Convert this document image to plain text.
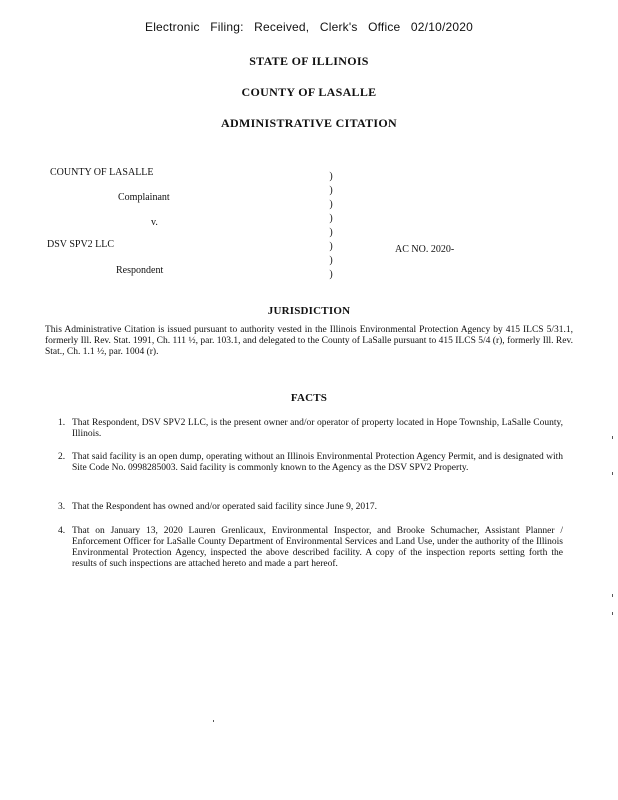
Electronic Filing: Received, Clerk's Office 02/10/2020
STATE OF ILLINOIS
COUNTY OF LASALLE
ADMINISTRATIVE CITATION
COUNTY OF LASALLE
Complainant
v.
DSV SPV2 LLC
Respondent
AC NO. 2020-
)
)
)
)
)
)
)
)
JURISDICTION
This Administrative Citation is issued pursuant to authority vested in the Illinois Environmental Protection Agency by 415 ILCS 5/31.1, formerly Ill. Rev. Stat. 1991, Ch. 111 ½, par. 103.1, and delegated to the County of LaSalle pursuant to 415 ILCS 5/4 (r), formerly Ill. Rev. Stat., Ch. 1.1 ½, par. 1004 (r).
FACTS
1. That Respondent, DSV SPV2 LLC, is the present owner and/or operator of property located in Hope Township, LaSalle County, Illinois.
2. That said facility is an open dump, operating without an Illinois Environmental Protection Agency Permit, and is designated with Site Code No. 0998285003. Said facility is commonly known to the Agency as the DSV SPV2 Property.
3. That the Respondent has owned and/or operated said facility since June 9, 2017.
4. That on January 13, 2020 Lauren Grenlicaux, Environmental Inspector, and Brooke Schumacher, Assistant Planner / Enforcement Officer for LaSalle County Department of Environmental Services and Land Use, under the authority of the Illinois Environmental Protection Agency, inspected the above described facility. A copy of the inspection reports setting forth the results of such inspections are attached hereto and made a part hereof.
